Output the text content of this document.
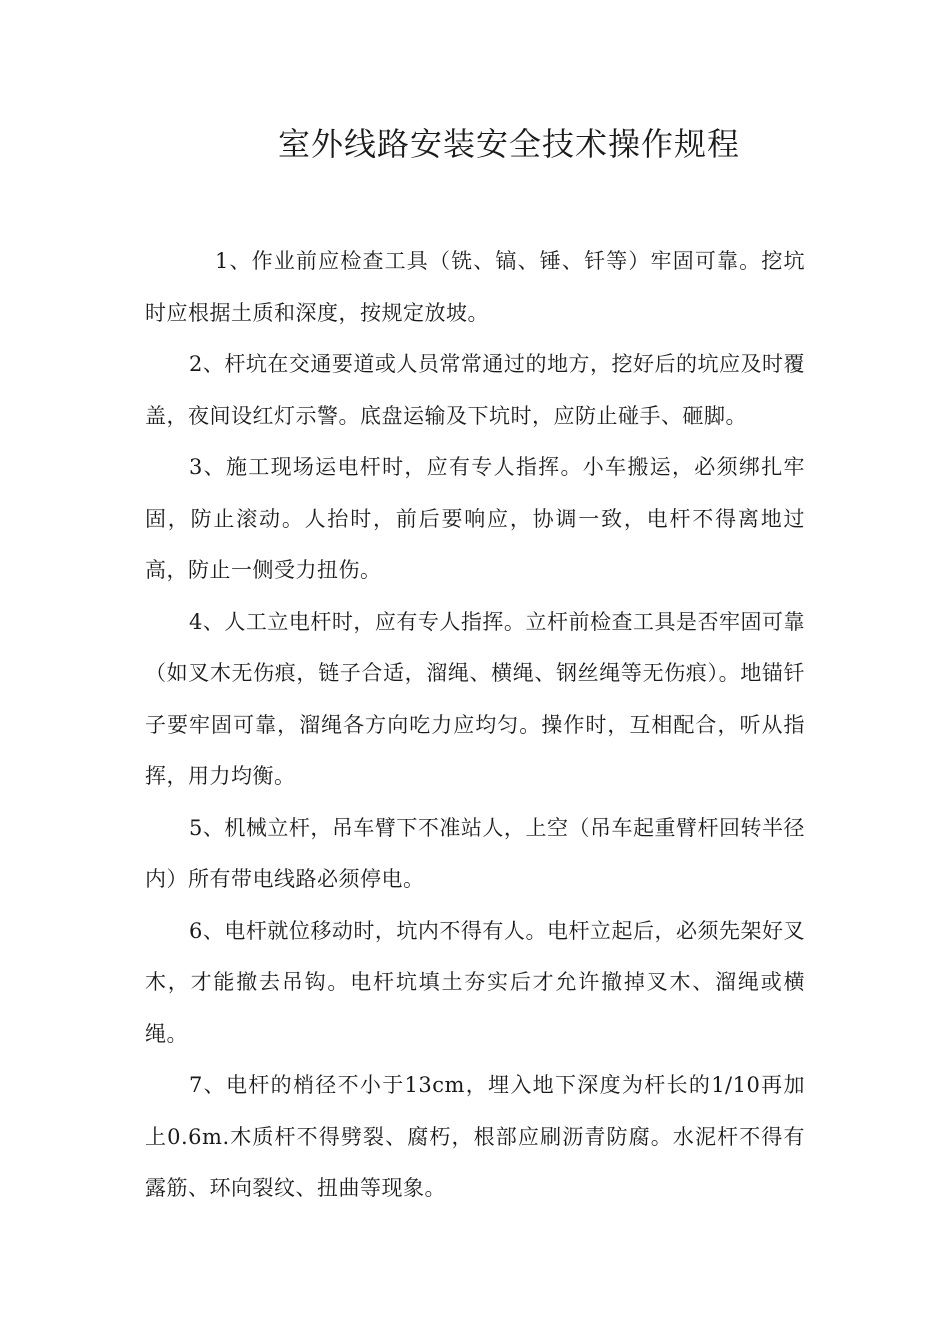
室外线路安装安全技术操作规程

1、作业前应检查工具（铣、镐、锤、钎等）牢固可靠。挖坑时应根据土质和深度，按规定放坡。

2、杆坑在交通要道或人员常常通过的地方，挖好后的坑应及时覆盖，夜间设红灯示警。底盘运输及下坑时，应防止碰手、砸脚。

3、施工现场运电杆时，应有专人指挥。小车搬运，必须绑扎牢固，防止滚动。人抬时，前后要响应，协调一致，电杆不得离地过高，防止一侧受力扭伤。

4、人工立电杆时，应有专人指挥。立杆前检查工具是否牢固可靠（如叉木无伤痕，链子合适，溜绳、横绳、钢丝绳等无伤痕）。地锚钎子要牢固可靠，溜绳各方向吃力应均匀。操作时，互相配合，听从指挥，用力均衡。

5、机械立杆，吊车臂下不准站人，上空（吊车起重臂杆回转半径内）所有带电线路必须停电。

6、电杆就位移动时，坑内不得有人。电杆立起后，必须先架好叉木，才能撤去吊钩。电杆坑填土夯实后才允许撤掉叉木、溜绳或横绳。

7、电杆的梢径不小于13cm，埋入地下深度为杆长的1/10再加上0.6m.木质杆不得劈裂、腐朽，根部应刷沥青防腐。水泥杆不得有露筋、环向裂纹、扭曲等现象。
